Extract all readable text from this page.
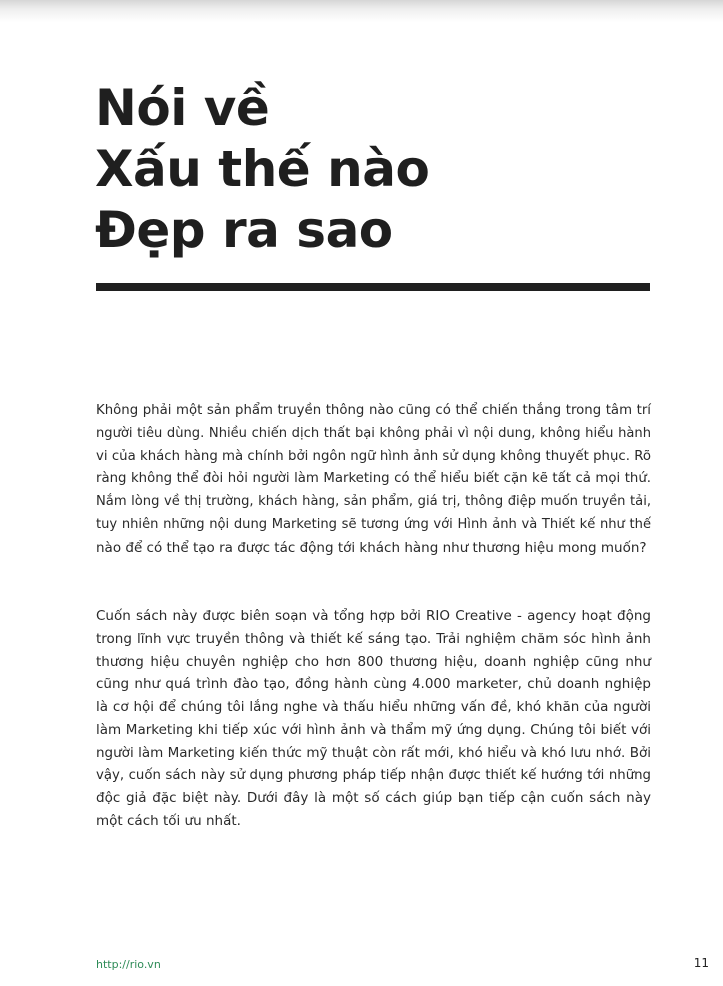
Nói về
Xấu thế nào
Đẹp ra sao

Không phải một sản phẩm truyền thông nào cũng có thể chiến thắng trong tâm trí
người tiêu dùng. Nhiều chiến dịch thất bại không phải vì nội dung, không hiểu hành
vi của khách hàng mà chính bởi ngôn ngữ hình ảnh sử dụng không thuyết phục. Rõ
ràng không thể đòi hỏi người làm Marketing có thể hiểu biết cặn kẽ tất cả mọi thứ.
Nắm lòng về thị trường, khách hàng, sản phẩm, giá trị, thông điệp muốn truyền tải,
tuy nhiên những nội dung Marketing sẽ tương ứng với Hình ảnh và Thiết kế như thế
nào để có thể tạo ra được tác động tới khách hàng như thương hiệu mong muốn?

Cuốn sách này được biên soạn và tổng hợp bởi RIO Creative - agency hoạt động
trong lĩnh vực truyền thông và thiết kế sáng tạo. Trải nghiệm chăm sóc hình ảnh
thương hiệu chuyên nghiệp cho hơn 800 thương hiệu, doanh nghiệp cũng như
cũng như quá trình đào tạo, đồng hành cùng 4.000 marketer, chủ doanh nghiệp
là cơ hội để chúng tôi lắng nghe và thấu hiểu những vấn đề, khó khăn của người
làm Marketing khi tiếp xúc với hình ảnh và thẩm mỹ ứng dụng. Chúng tôi biết với
người làm Marketing kiến thức mỹ thuật còn rất mới, khó hiểu và khó lưu nhớ. Bởi
vậy, cuốn sách này sử dụng phương pháp tiếp nhận được thiết kế hướng tới những
độc giả đặc biệt này. Dưới đây là một số cách giúp bạn tiếp cận cuốn sách này
một cách tối ưu nhất.

http://rio.vn	11
